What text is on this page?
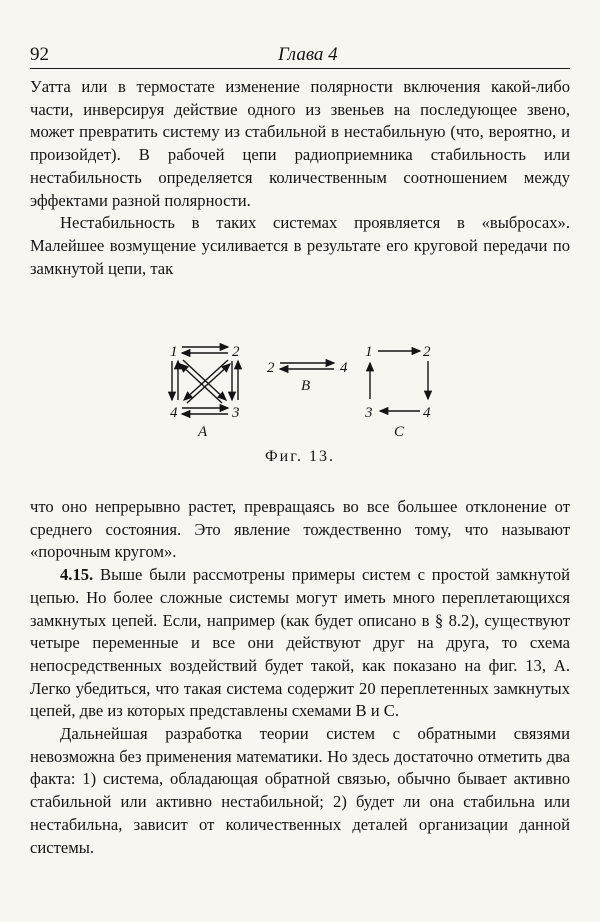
92	Глава 4

Уатта или в термостате изменение полярности включения какой-либо части, инверсируя действие одного из звеньев на последующее звено, может превратить систему из стабильной в нестабильную (что, вероятно, и произойдет). В рабочей цепи радиоприемника стабильность или нестабильность определяется количественным соотношением между эффектами разной полярности.

Нестабильность в таких системах проявляется в «выбросах». Малейшее возмущение усиливается в результате его круговой передачи по замкнутой цепи, так

1	2
4	3
А
2	4
В
1	2
3	4
С
Фиг. 13.

что оно непрерывно растет, превращаясь во все большее отклонение от среднего состояния. Это явление тождественно тому, что называют «порочным кругом».

4.15. Выше были рассмотрены примеры систем с простой замкнутой цепью. Но более сложные системы могут иметь много переплетающихся замкнутых цепей. Если, например (как будет описано в § 8.2), существуют четыре переменные и все они действуют друг на друга, то схема непосредственных воздействий будет такой, как показано на фиг. 13, А. Легко убедиться, что такая система содержит 20 переплетенных замкнутых цепей, две из которых представлены схемами В и С.

Дальнейшая разработка теории систем с обратными связями невозможна без применения математики. Но здесь достаточно отметить два факта: 1) система, обладающая обратной связью, обычно бывает активно стабильной или активно нестабильной; 2) будет ли она стабильна или нестабильна, зависит от количественных деталей организации данной системы.
